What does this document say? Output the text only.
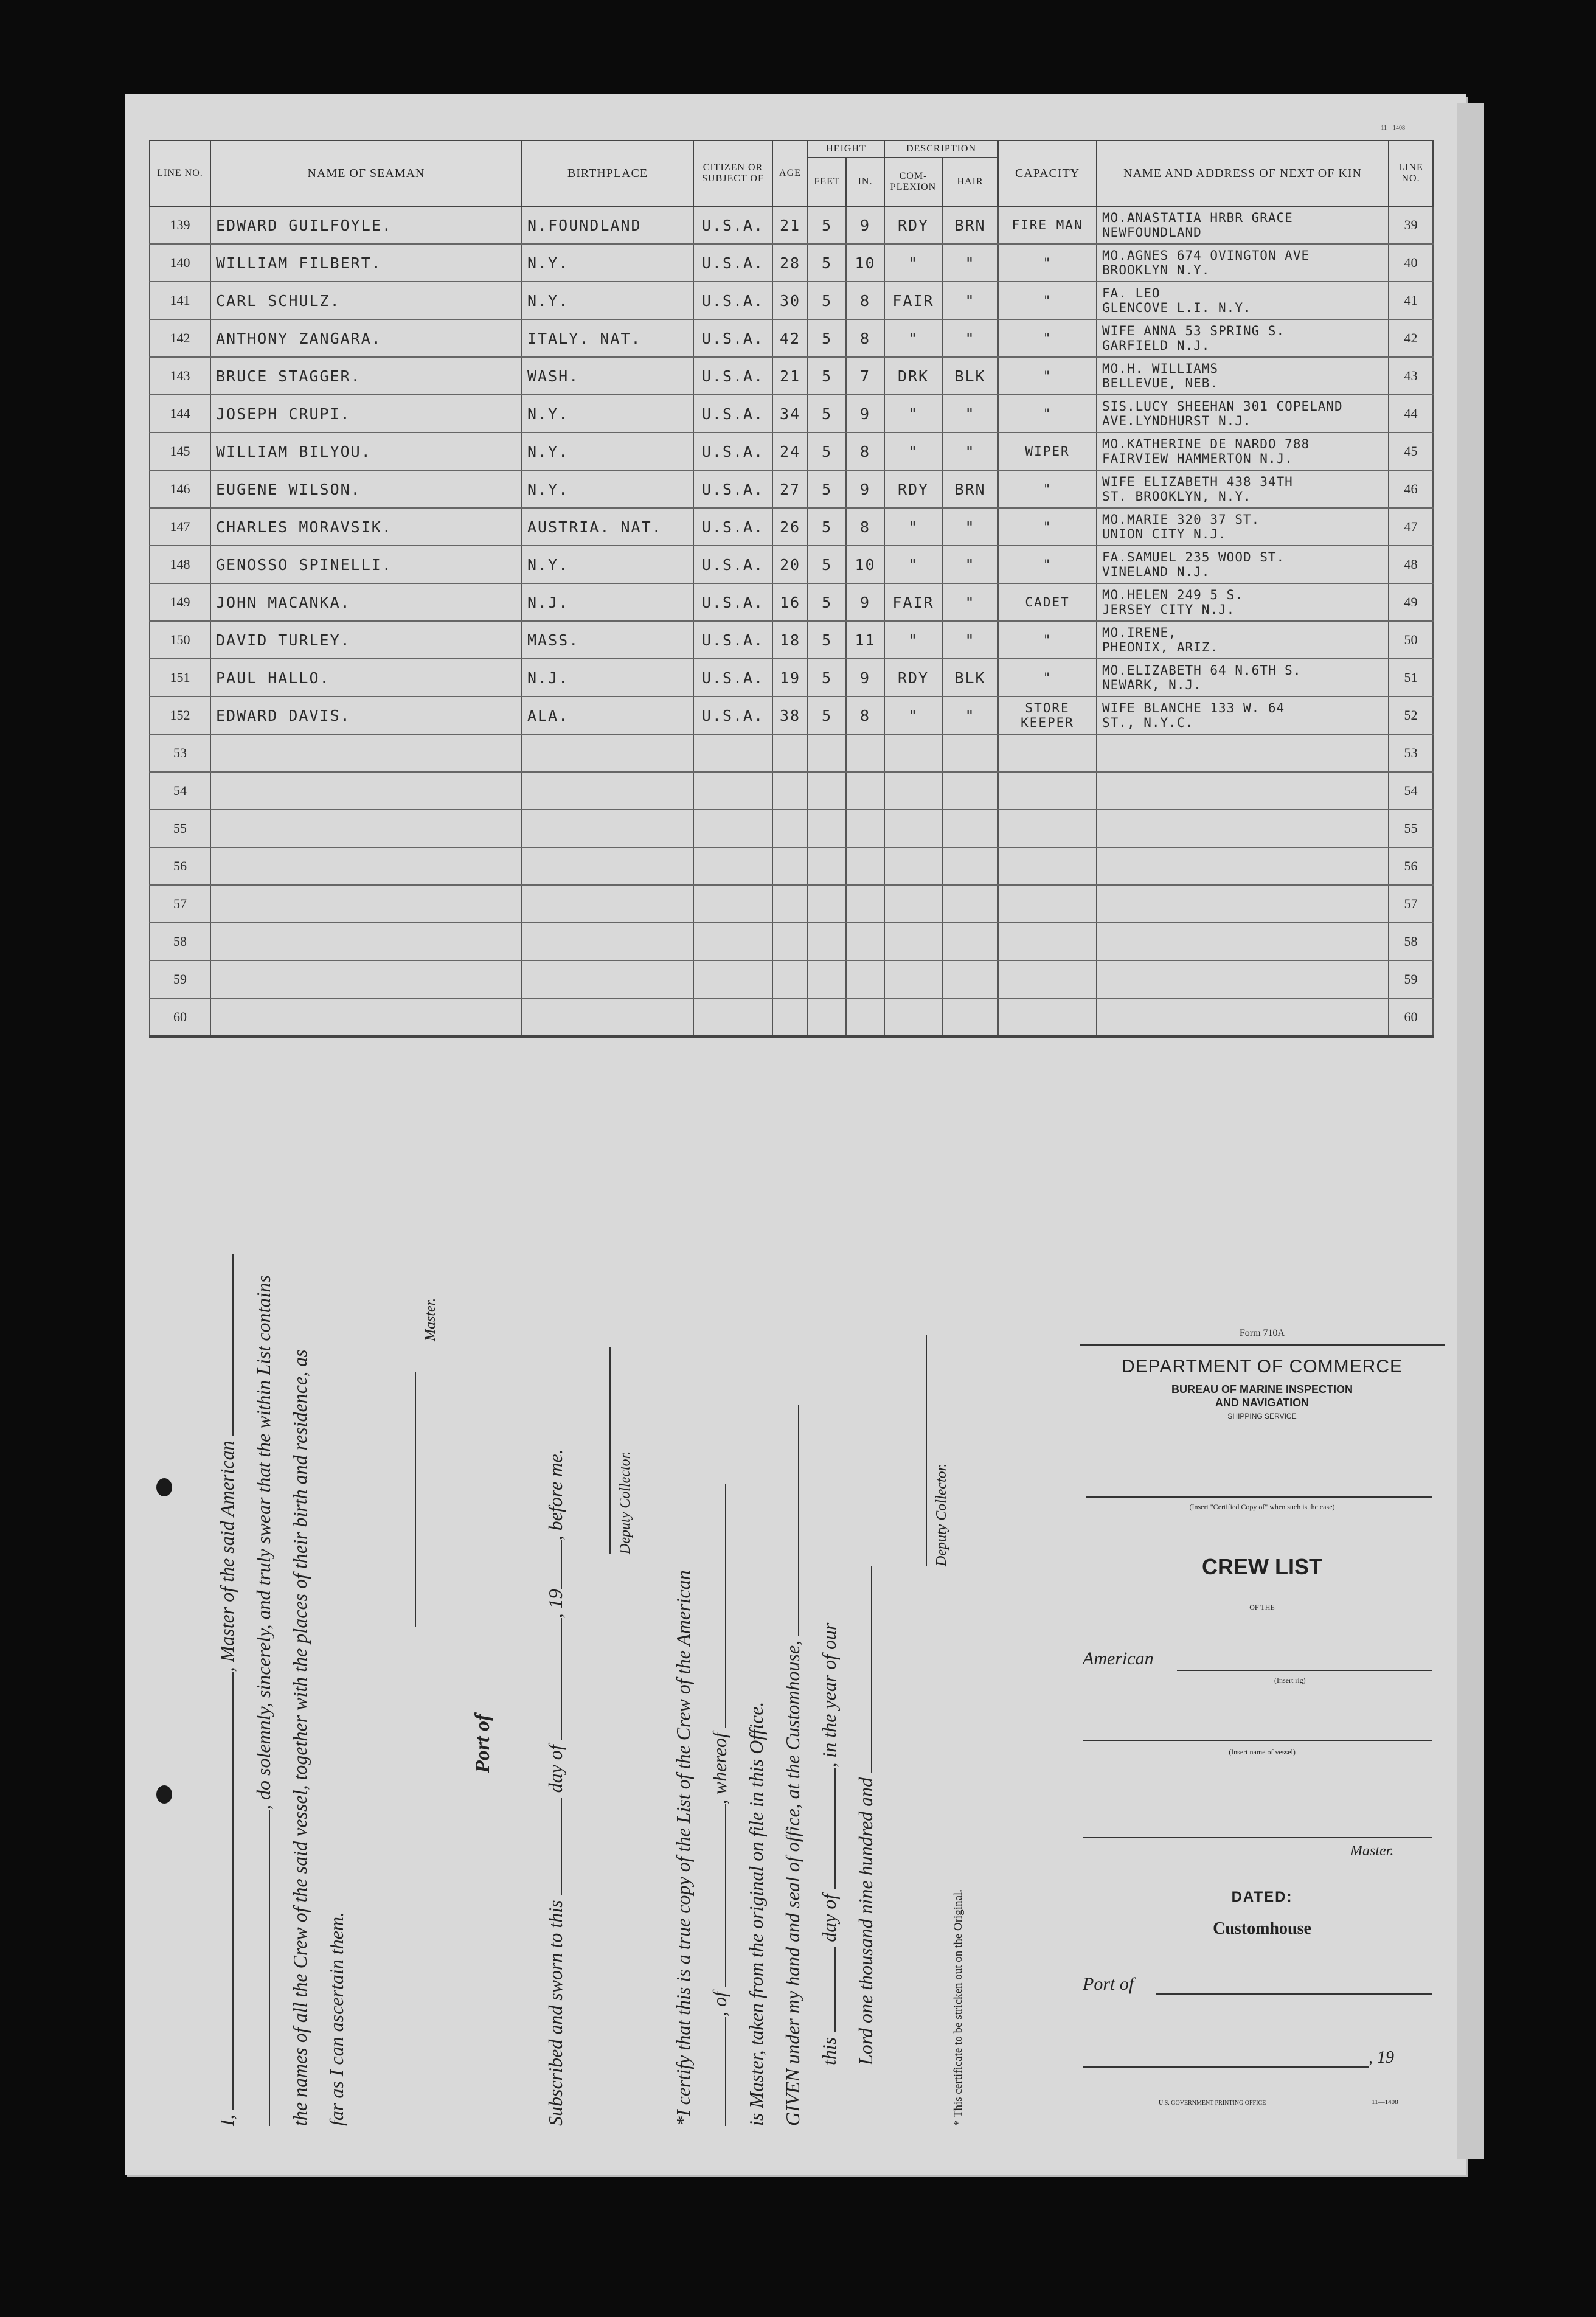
11—1408
LINE NO.	NAME OF SEAMAN	BIRTHPLACE	CITIZEN OR SUBJECT OF	AGE	HEIGHT		DESCRIPTION		CAPACITY	NAME AND ADDRESS OF NEXT OF KIN	LINE NO.
					FEET	IN.	COM-PLEXION	HAIR			
139	EDWARD GUILFOYLE.	N.FOUNDLAND	U.S.A.	21	5	9	RDY	BRN	FIRE MAN	MO.ANASTATIA HRBR GRACE
NEWFOUNDLAND	39
140	WILLIAM FILBERT.	N.Y.	U.S.A.	28	5	10	"	"	"	MO.AGNES 674 OVINGTON AVE
BROOKLYN N.Y.	40
141	CARL SCHULZ.	N.Y.	U.S.A.	30	5	8	FAIR	"	"	FA. LEO
GLENCOVE L.I. N.Y.	41
142	ANTHONY ZANGARA.	ITALY. NAT.	U.S.A.	42	5	8	"	"	"	WIFE ANNA 53 SPRING S.
GARFIELD N.J.	42
143	BRUCE STAGGER.	WASH.	U.S.A.	21	5	7	DRK	BLK	"	MO.H. WILLIAMS
BELLEVUE, NEB.	43
144	JOSEPH CRUPI.	N.Y.	U.S.A.	34	5	9	"	"	"	SIS.LUCY SHEEHAN 301 COPELAND
AVE.LYNDHURST N.J.	44
145	WILLIAM BILYOU.	N.Y.	U.S.A.	24	5	8	"	"	WIPER	MO.KATHERINE DE NARDO 788
FAIRVIEW HAMMERTON N.J.	45
146	EUGENE WILSON.	N.Y.	U.S.A.	27	5	9	RDY	BRN	"	WIFE ELIZABETH 438 34TH
ST. BROOKLYN, N.Y.	46
147	CHARLES MORAVSIK.	AUSTRIA. NAT.	U.S.A.	26	5	8	"	"	"	MO.MARIE 320 37 ST.
UNION CITY N.J.	47
148	GENOSSO SPINELLI.	N.Y.	U.S.A.	20	5	10	"	"	"	FA.SAMUEL 235 WOOD ST.
VINELAND N.J.	48
149	JOHN MACANKA.	N.J.	U.S.A.	16	5	9	FAIR	"	CADET	MO.HELEN 249 5 S.
JERSEY CITY N.J.	49
150	DAVID TURLEY.	MASS.	U.S.A.	18	5	11	"	"	"	MO.IRENE,
PHEONIX, ARIZ.	50
151	PAUL HALLO.	N.J.	U.S.A.	19	5	9	RDY	BLK	"	MO.ELIZABETH 64 N.6TH S.
NEWARK, N.J.	51
152	EDWARD DAVIS.	ALA.	U.S.A.	38	5	8	"	"	STORE KEEPER	WIFE BLANCHE 133 W. 64
ST., N.Y.C.	52
53											53
54											54
55											55
56											56
57											57
58											58
59											59
60											60
I, , Master of the said American , do solemnly, sincerely, and truly swear that the within List contains the names of all the Crew of the said vessel, together with the places of their birth and residence, as far as I can ascertain them.
Master.
Port of
Subscribed and sworn to this  day of , 19, before me.	Deputy Collector.
*I certify that this is a true copy of the List of the Crew of the American , of , whereof is Master, taken from the original on file in this Office. GIVEN under my hand and seal of office, at the Customhouse, this  day of , in the year of our
Lord one thousand nine hundred and
Deputy Collector.
* This certificate to be stricken out on the Original.
Form 710A
DEPARTMENT OF COMMERCE
BUREAU OF MARINE INSPECTION AND NAVIGATION
SHIPPING SERVICE
(Insert "Certified Copy of" when such is the case)
CREW LIST
OF THE
American
(Insert rig)
(Insert name of vessel)
Master.
DATED:
Customhouse
Port of
, 19
U.S. GOVERNMENT PRINTING OFFICE	11—1408
